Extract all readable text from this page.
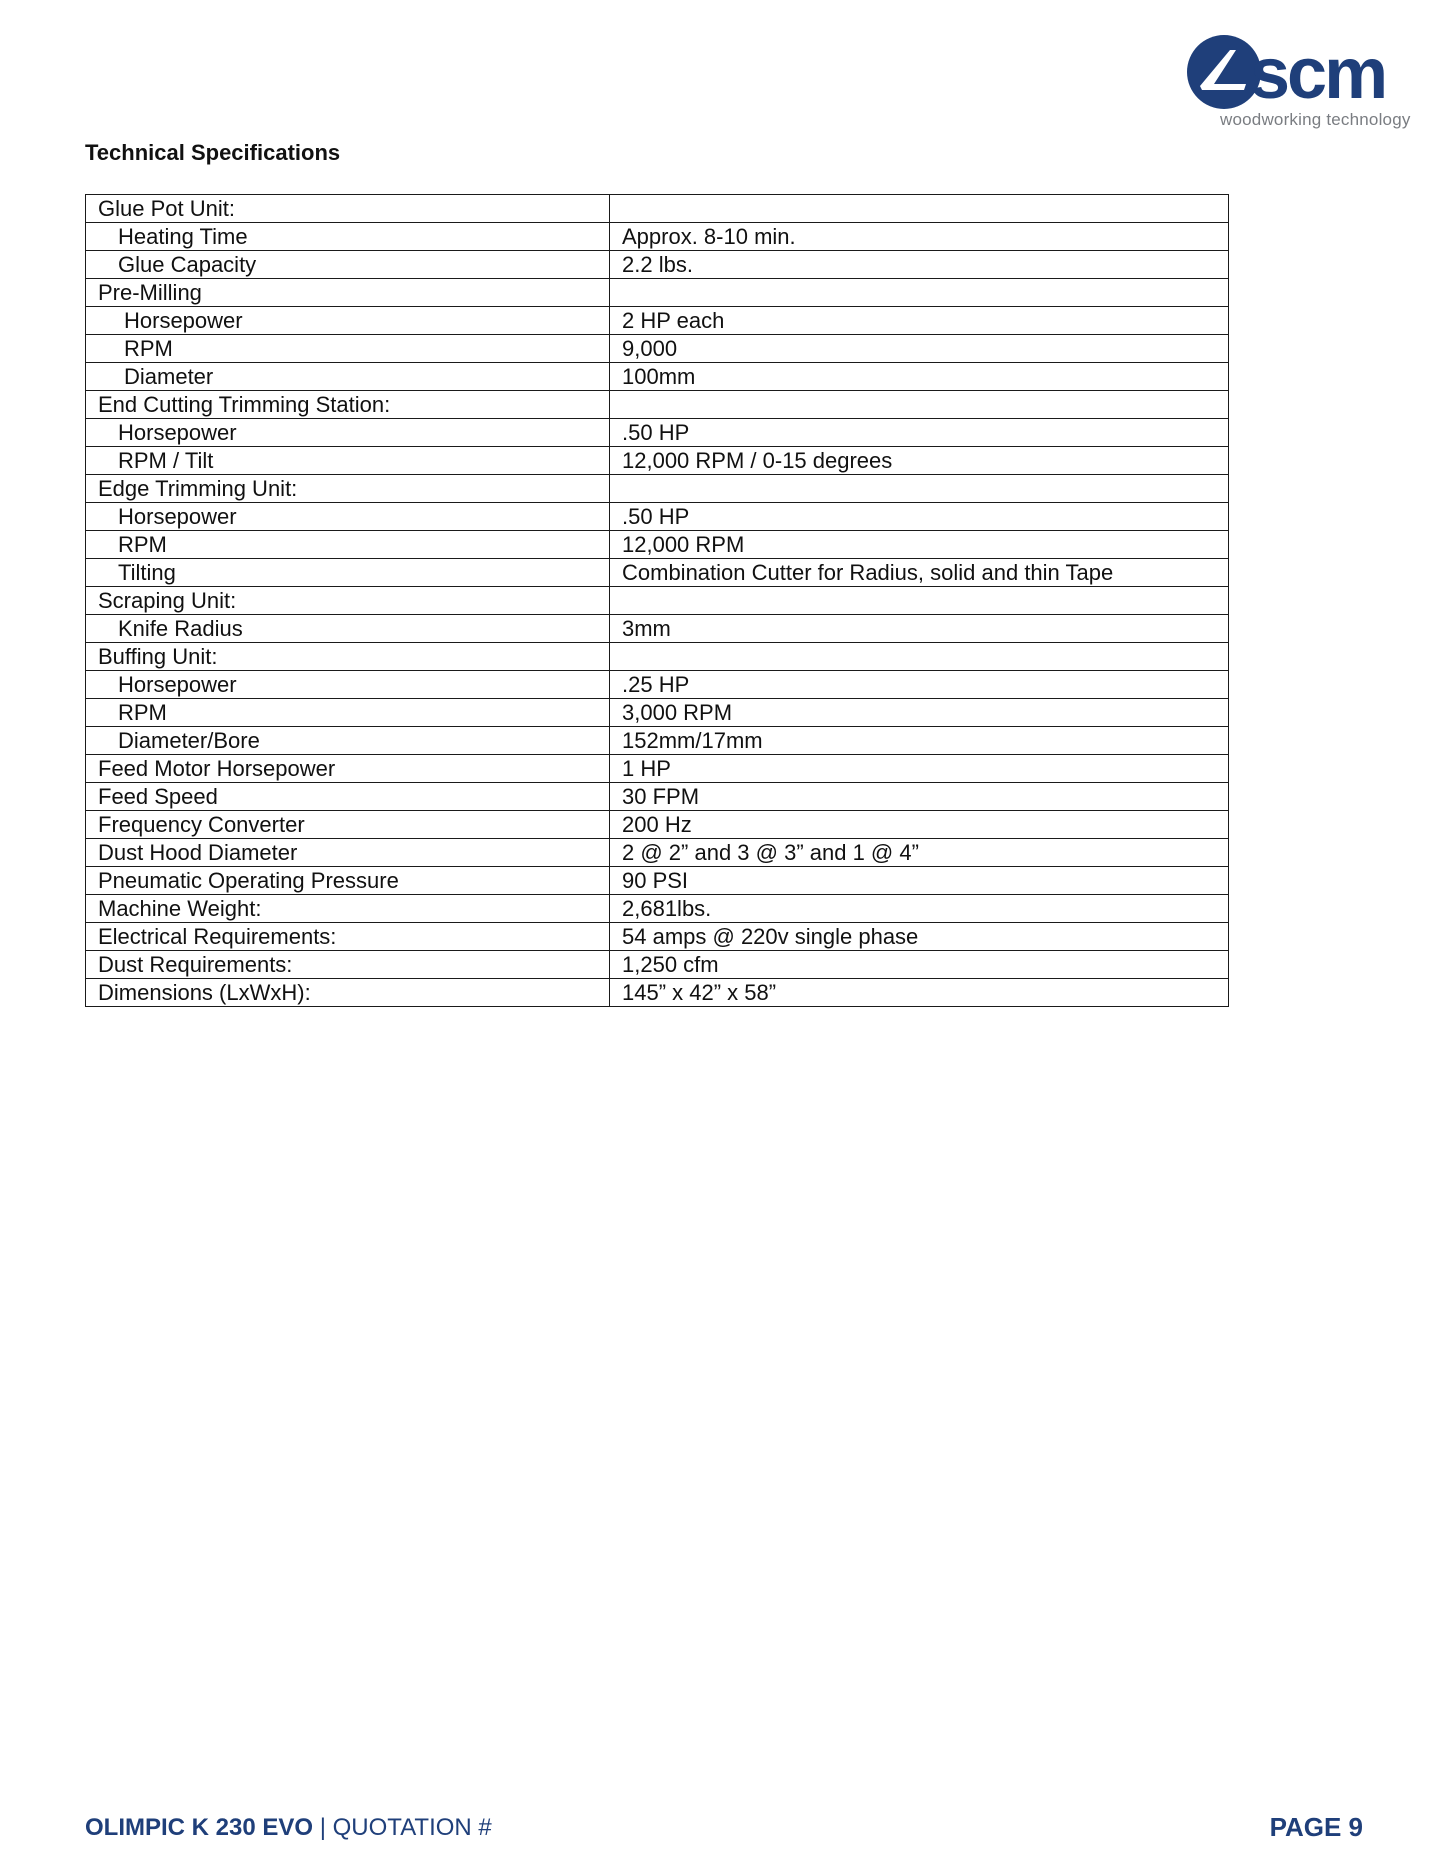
scm
woodworking technology
Technical Specifications
Glue Pot Unit:	
Heating Time	Approx. 8-10 min.
Glue Capacity	2.2 lbs.
Pre-Milling	
Horsepower	2 HP each
RPM	9,000
Diameter	100mm
End Cutting Trimming Station:	
Horsepower	.50 HP
RPM / Tilt	12,000 RPM / 0-15 degrees
Edge Trimming Unit:	
Horsepower	.50 HP
RPM	12,000 RPM
Tilting	Combination Cutter for Radius, solid and thin Tape
Scraping Unit:	
Knife Radius	3mm
Buffing Unit:	
Horsepower	.25 HP
RPM	3,000 RPM
Diameter/Bore	152mm/17mm
Feed Motor Horsepower	1 HP
Feed Speed	30 FPM
Frequency Converter	200 Hz
Dust Hood Diameter	2 @ 2” and 3 @ 3” and 1 @ 4”
Pneumatic Operating Pressure	90 PSI
Machine Weight:	2,681lbs.
Electrical Requirements:	54 amps @ 220v single phase
Dust Requirements:	1,250 cfm
Dimensions (LxWxH):	145” x 42” x 58”
OLIMPIC K 230 EVO | QUOTATION #	PAGE 9
